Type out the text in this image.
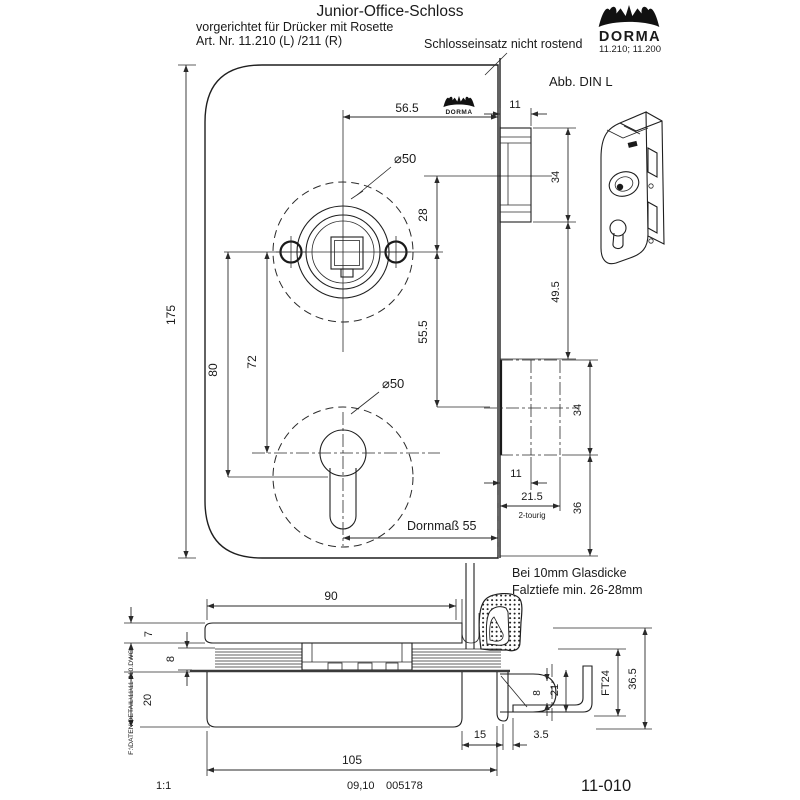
Junior-Office-Schloss
vorgerichtet für Drücker mit Rosette
Art. Nr. 11.210 (L) /211 (R)	Schlosseinsatz nicht rostend DORMA
11.210; 11.200
Abb. DIN L
175
56.5	DORMA
⌀50
28
55.5
80
72
⌀50
Dornmaß 55
11
34
49.5
34
36
11
21.5
2-tourig
Bei 10mm Glasdicke
Falztiefe min. 26-28mm
90
7
8
20
8 21	FT24 36.5
15	3.5
105
F:\DATEN\DETAIL\11\11-010.DWG
1:1	09,10 005178	11-010
